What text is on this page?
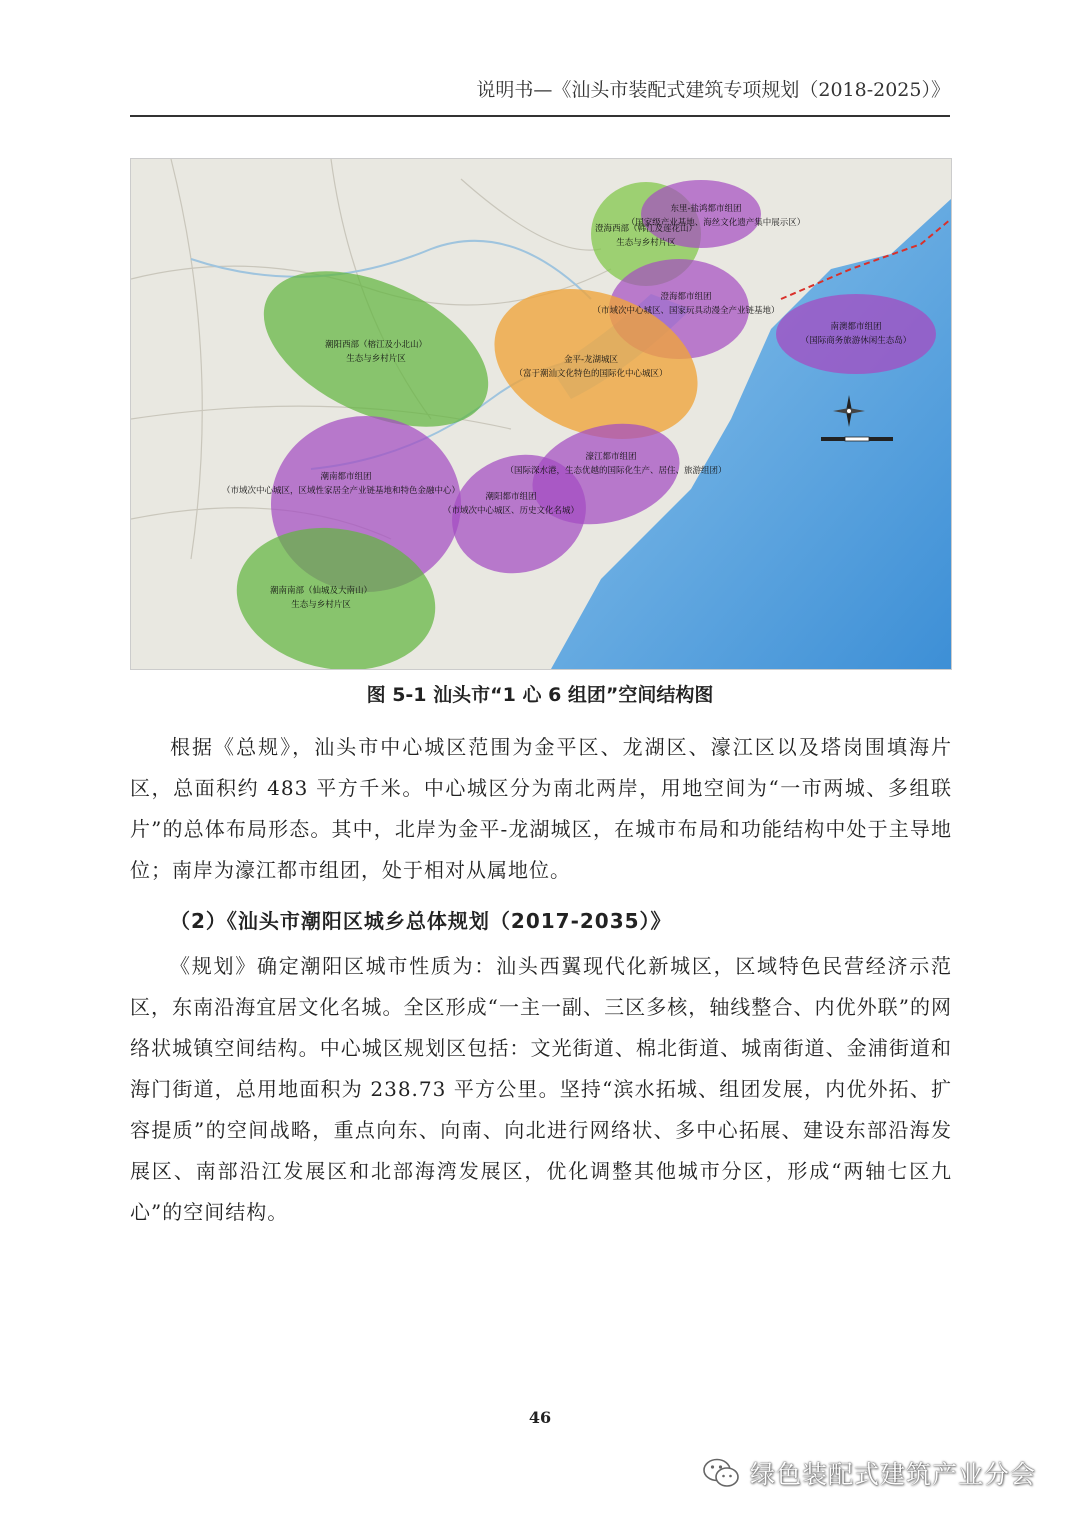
说明书—《汕头市装配式建筑专项规划（2018-2025）》
澄海西部（韩江及莲花山）
生态与乡村片区
东里-盐鸿都市组团
（国家级产业基地、海丝文化遗产集中展示区）
澄海都市组团
（市域次中心城区、国家玩具动漫全产业链基地）
南澳都市组团
（国际商务旅游休闲生态岛）
潮阳西部（榕江及小北山）
生态与乡村片区	金平-龙湖城区
（富于潮汕文化特色的国际化中心城区）
潮南都市组团
（市域次中心城区，区域性家居全产业链基地和特色金融中心）
潮阳都市组团
（市域次中心城区、历史文化名城）
濠江都市组团
（国际深水港，生态优越的国际化生产、居住、旅游组团）
潮南南部（仙城及大南山）
生态与乡村片区
图 5-1 汕头市“1 心 6 组团”空间结构图

根据《总规》，汕头市中心城区范围为金平区、龙湖区、濠江区以及塔岗围填海片区，总面积约 483 平方千米。中心城区分为南北两岸，用地空间为“一市两城、多组联片”的总体布局形态。其中，北岸为金平-龙湖城区，在城市布局和功能结构中处于主导地位；南岸为濠江都市组团，处于相对从属地位。

（2）《汕头市潮阳区城乡总体规划（2017-2035）》

《规划》确定潮阳区城市性质为：汕头西翼现代化新城区，区域特色民营经济示范区，东南沿海宜居文化名城。全区形成“一主一副、三区多核，轴线整合、内优外联”的网络状城镇空间结构。中心城区规划区包括：文光街道、棉北街道、城南街道、金浦街道和海门街道，总用地面积为 238.73 平方公里。坚持“滨水拓城、组团发展，内优外拓、扩容提质”的空间战略，重点向东、向南、向北进行网络状、多中心拓展、建设东部沿海发展区、南部沿江发展区和北部海湾发展区，优化调整其他城市分区，形成“两轴七区九心”的空间结构。

46
绿色装配式建筑产业分会
